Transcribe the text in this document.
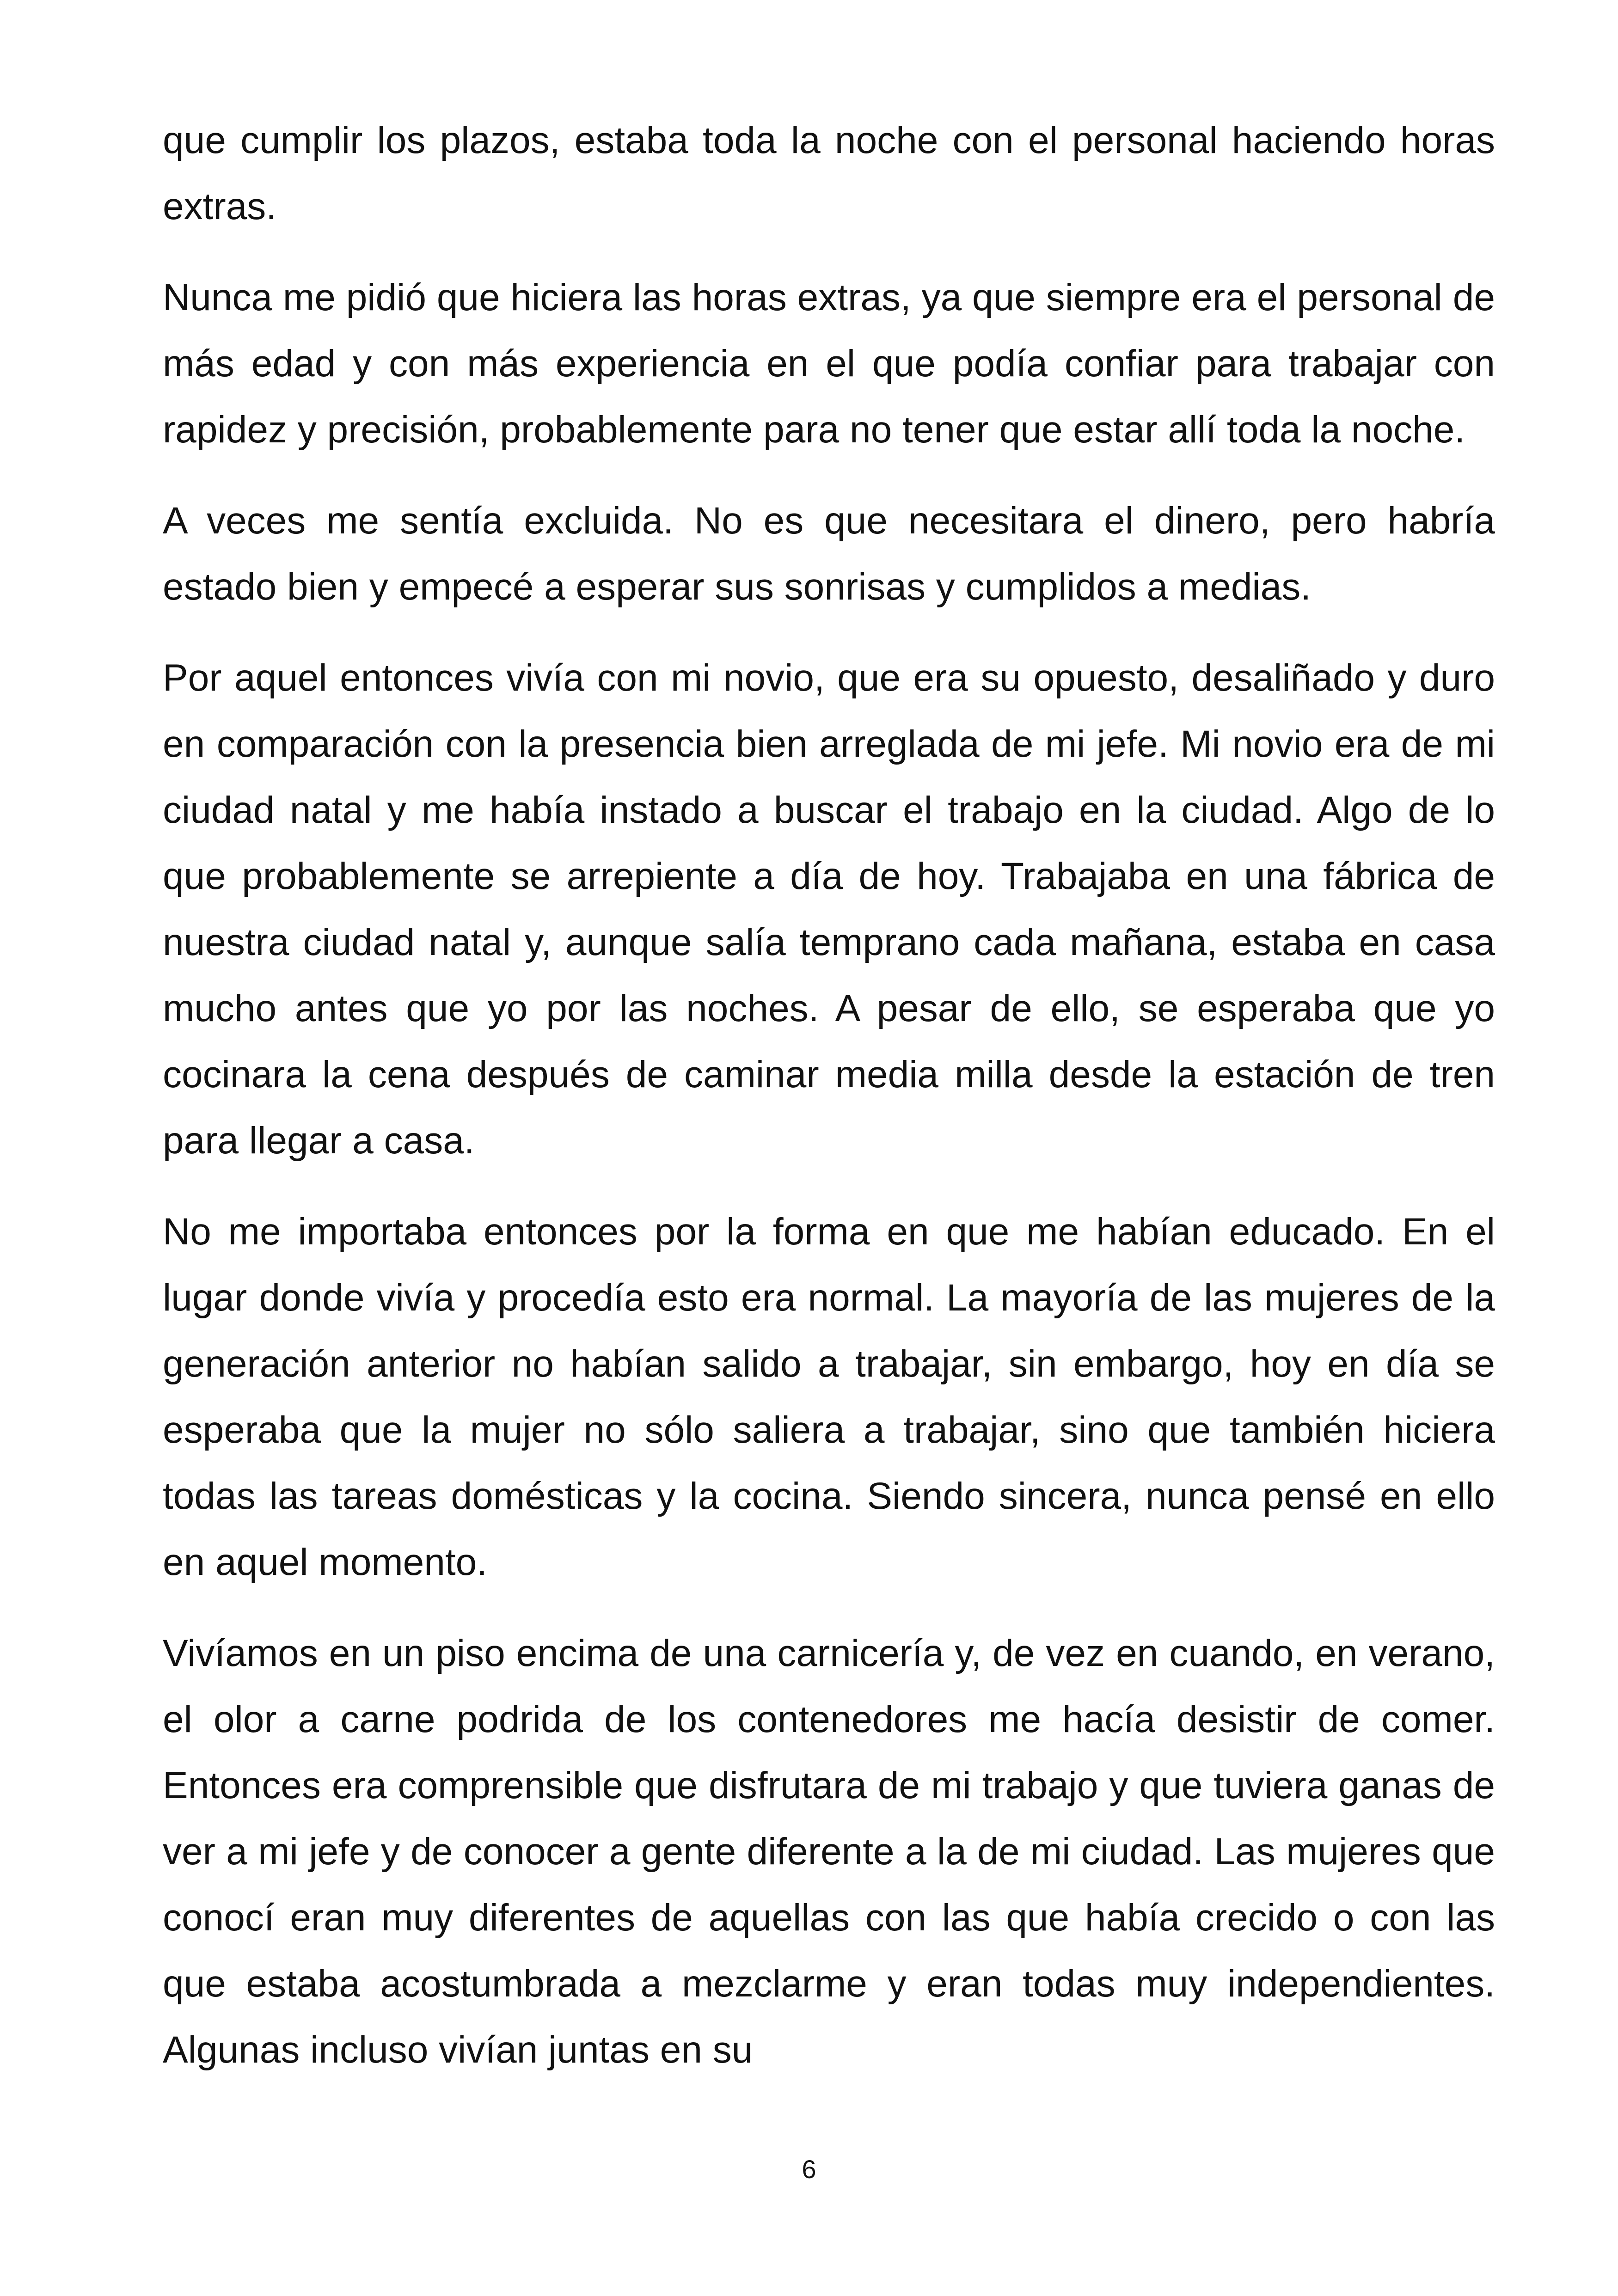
que cumplir los plazos, estaba toda la noche con el personal haciendo horas extras.

Nunca me pidió que hiciera las horas extras, ya que siempre era el personal de más edad y con más experiencia en el que podía confiar para trabajar con rapidez y precisión, probablemente para no tener que estar allí toda la noche.

A veces me sentía excluida. No es que necesitara el dinero, pero habría estado bien y empecé a esperar sus sonrisas y cumplidos a medias.

Por aquel entonces vivía con mi novio, que era su opuesto, desaliñado y duro en comparación con la presencia bien arreglada de mi jefe. Mi novio era de mi ciudad natal y me había instado a buscar el trabajo en la ciudad. Algo de lo que probablemente se arrepiente a día de hoy. Trabajaba en una fábrica de nuestra ciudad natal y, aunque salía temprano cada mañana, estaba en casa mucho antes que yo por las noches. A pesar de ello, se esperaba que yo cocinara la cena después de caminar media milla desde la estación de tren para llegar a casa.

No me importaba entonces por la forma en que me habían educado. En el lugar donde vivía y procedía esto era normal. La mayoría de las mujeres de la generación anterior no habían salido a trabajar, sin embargo, hoy en día se esperaba que la mujer no sólo saliera a trabajar, sino que también hiciera todas las tareas domésticas y la cocina. Siendo sincera, nunca pensé en ello en aquel momento.

Vivíamos en un piso encima de una carnicería y, de vez en cuando, en verano, el olor a carne podrida de los contenedores me hacía desistir de comer. Entonces era comprensible que disfrutara de mi trabajo y que tuviera ganas de ver a mi jefe y de conocer a gente diferente a la de mi ciudad. Las mujeres que conocí eran muy diferentes de aquellas con las que había crecido o con las que estaba acostumbrada a mezclarme y eran todas muy independientes. Algunas incluso vivían juntas en su

6
